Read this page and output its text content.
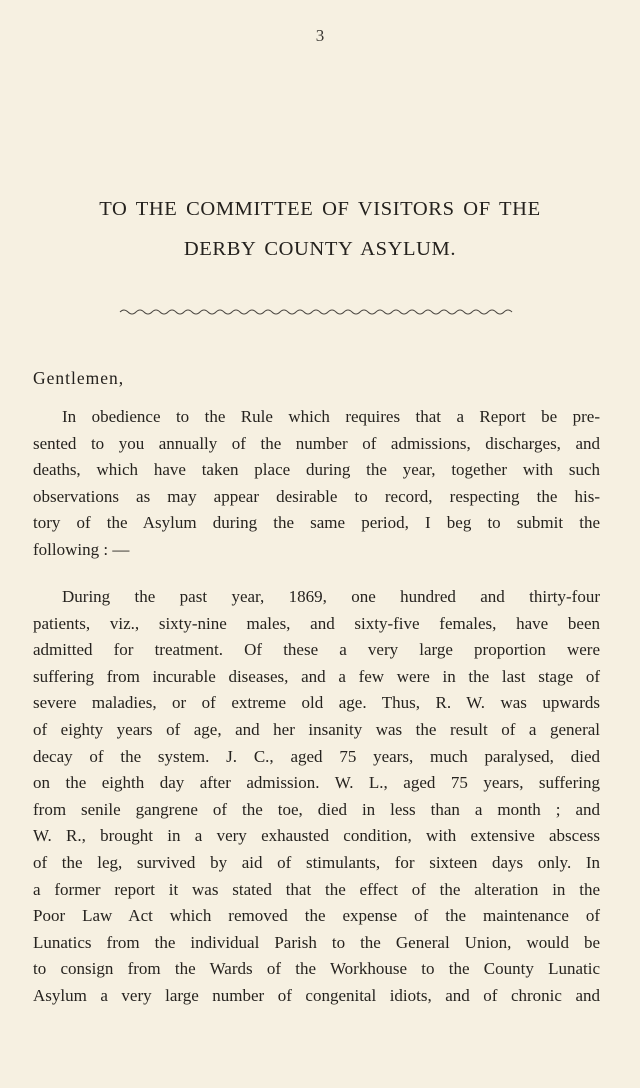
3
TO THE COMMITTEE OF VISITORS OF THE
DERBY COUNTY ASYLUM.
Gentlemen,
In obedience to the Rule which requires that a Report be pre-
sented to you annually of the number of admissions, discharges, and
deaths, which have taken place during the year, together with such
observations as may appear desirable to record, respecting the his-
tory of the Asylum during the same period, I beg to submit the
following : —
During the past year, 1869, one hundred and thirty-four
patients, viz., sixty-nine males, and sixty-five females, have been
admitted for treatment. Of these a very large proportion were
suffering from incurable diseases, and a few were in the last stage of
severe maladies, or of extreme old age. Thus, R. W. was upwards
of eighty years of age, and her insanity was the result of a general
decay of the system. J. C., aged 75 years, much paralysed, died
on the eighth day after admission. W. L., aged 75 years, suffering
from senile gangrene of the toe, died in less than a month ; and
W. R., brought in a very exhausted condition, with extensive abscess
of the leg, survived by aid of stimulants, for sixteen days only. In
a former report it was stated that the effect of the alteration in the
Poor Law Act which removed the expense of the maintenance of
Lunatics from the individual Parish to the General Union, would be
to consign from the Wards of the Workhouse to the County Lunatic
Asylum a very large number of congenital idiots, and of chronic and
